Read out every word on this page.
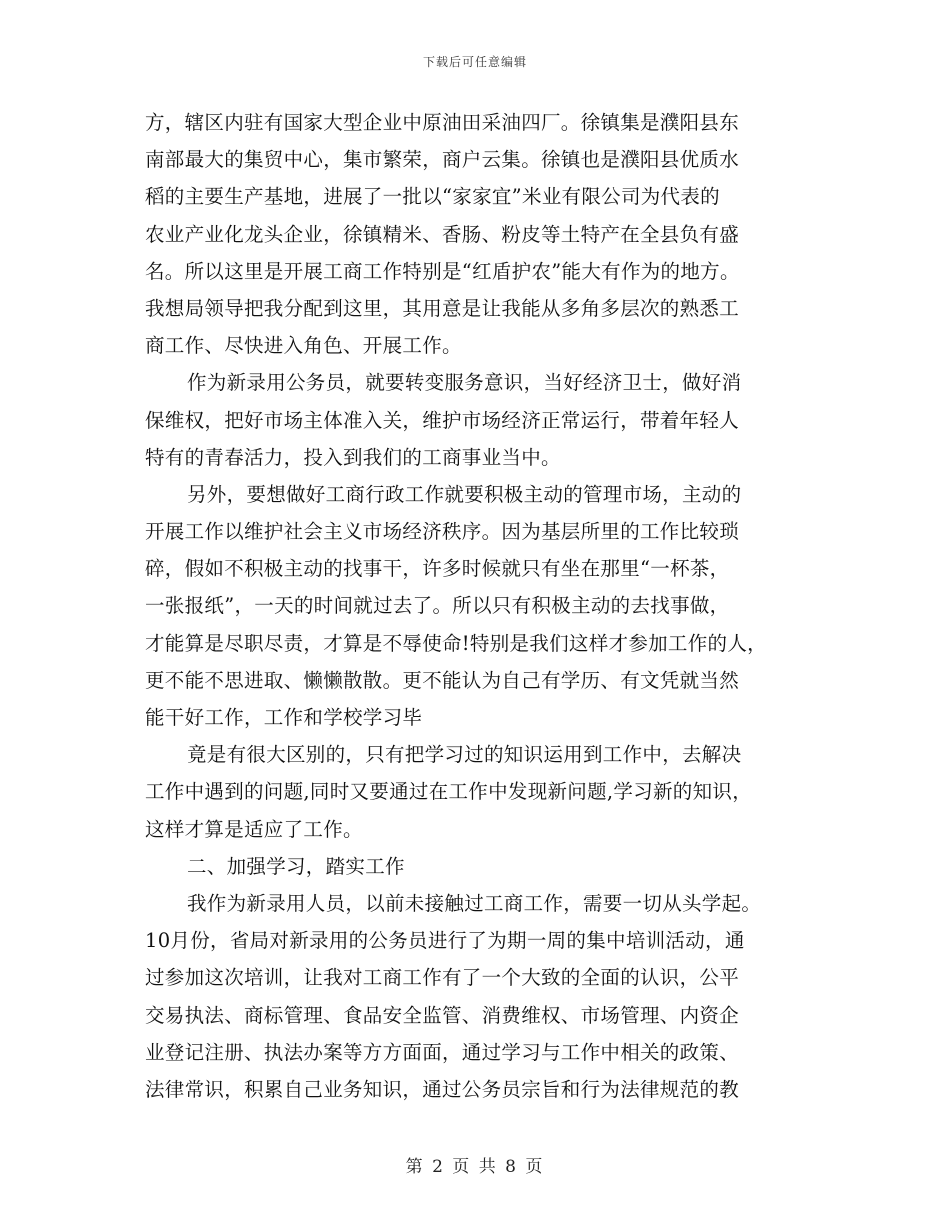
下载后可任意编辑
方，辖区内驻有国家大型企业中原油田采油四厂。徐镇集是濮阳县东
南部最大的集贸中心，集市繁荣，商户云集。徐镇也是濮阳县优质水
稻的主要生产基地，进展了一批以“家家宜”米业有限公司为代表的
农业产业化龙头企业，徐镇精米、香肠、粉皮等土特产在全县负有盛
名。所以这里是开展工商工作特别是“红盾护农”能大有作为的地方。
我想局领导把我分配到这里，其用意是让我能从多角多层次的熟悉工
商工作、尽快进入角色、开展工作。
作为新录用公务员，就要转变服务意识，当好经济卫士，做好消
保维权，把好市场主体准入关，维护市场经济正常运行，带着年轻人
特有的青春活力，投入到我们的工商事业当中。
另外，要想做好工商行政工作就要积极主动的管理市场，主动的
开展工作以维护社会主义市场经济秩序。因为基层所里的工作比较琐
碎，假如不积极主动的找事干，许多时候就只有坐在那里“一杯茶，
一张报纸”，一天的时间就过去了。所以只有积极主动的去找事做，
才能算是尽职尽责，才算是不辱使命!特别是我们这样才参加工作的人，
更不能不思进取、懒懒散散。更不能认为自己有学历、有文凭就当然
能干好工作，工作和学校学习毕
竟是有很大区别的，只有把学习过的知识运用到工作中，去解决
工作中遇到的问题,同时又要通过在工作中发现新问题,学习新的知识，
这样才算是适应了工作。
二、加强学习，踏实工作
我作为新录用人员，以前未接触过工商工作，需要一切从头学起。
10月份，省局对新录用的公务员进行了为期一周的集中培训活动，通
过参加这次培训，让我对工商工作有了一个大致的全面的认识，公平
交易执法、商标管理、食品安全监管、消费维权、市场管理、内资企
业登记注册、执法办案等方方面面，通过学习与工作中相关的政策、
法律常识，积累自己业务知识，通过公务员宗旨和行为法律规范的教
第 2 页 共 8 页
